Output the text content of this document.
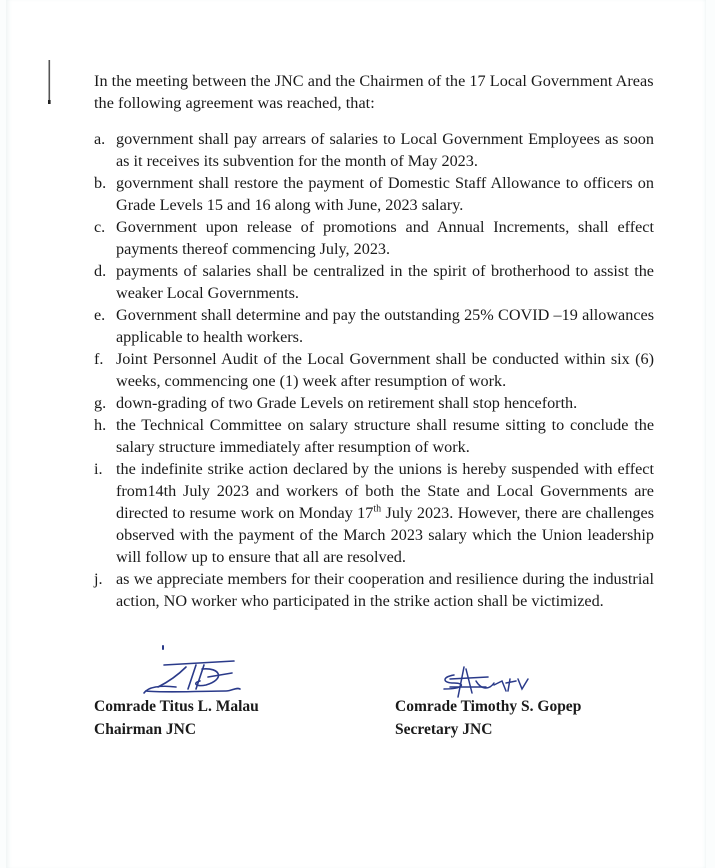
In the meeting between the JNC and the Chairmen of the 17 Local Government Areas the following agreement was reached, that:

a. government shall pay arrears of salaries to Local Government Employees as soon as it receives its subvention for the month of May 2023.
b. government shall restore the payment of Domestic Staff Allowance to officers on Grade Levels 15 and 16 along with June, 2023 salary.
c. Government upon release of promotions and Annual Increments, shall effect payments thereof commencing July, 2023.
d. payments of salaries shall be centralized in the spirit of brotherhood to assist the weaker Local Governments.
e. Government shall determine and pay the outstanding 25% COVID –19 allowances applicable to health workers.
f. Joint Personnel Audit of the Local Government shall be conducted within six (6) weeks, commencing one (1) week after resumption of work.
g. down-grading of two Grade Levels on retirement shall stop henceforth.
h. the Technical Committee on salary structure shall resume sitting to conclude the salary structure immediately after resumption of work.
i. the indefinite strike action declared by the unions is hereby suspended with effect from14th July 2023 and workers of both the State and Local Governments are directed to resume work on Monday 17th July 2023. However, there are challenges observed with the payment of the March 2023 salary which the Union leadership will follow up to ensure that all are resolved.
j. as we appreciate members for their cooperation and resilience during the industrial action, NO worker who participated in the strike action shall be victimized.
Comrade Titus L. Malau
Chairman JNC
Comrade Timothy S. Gopep
Secretary JNC
